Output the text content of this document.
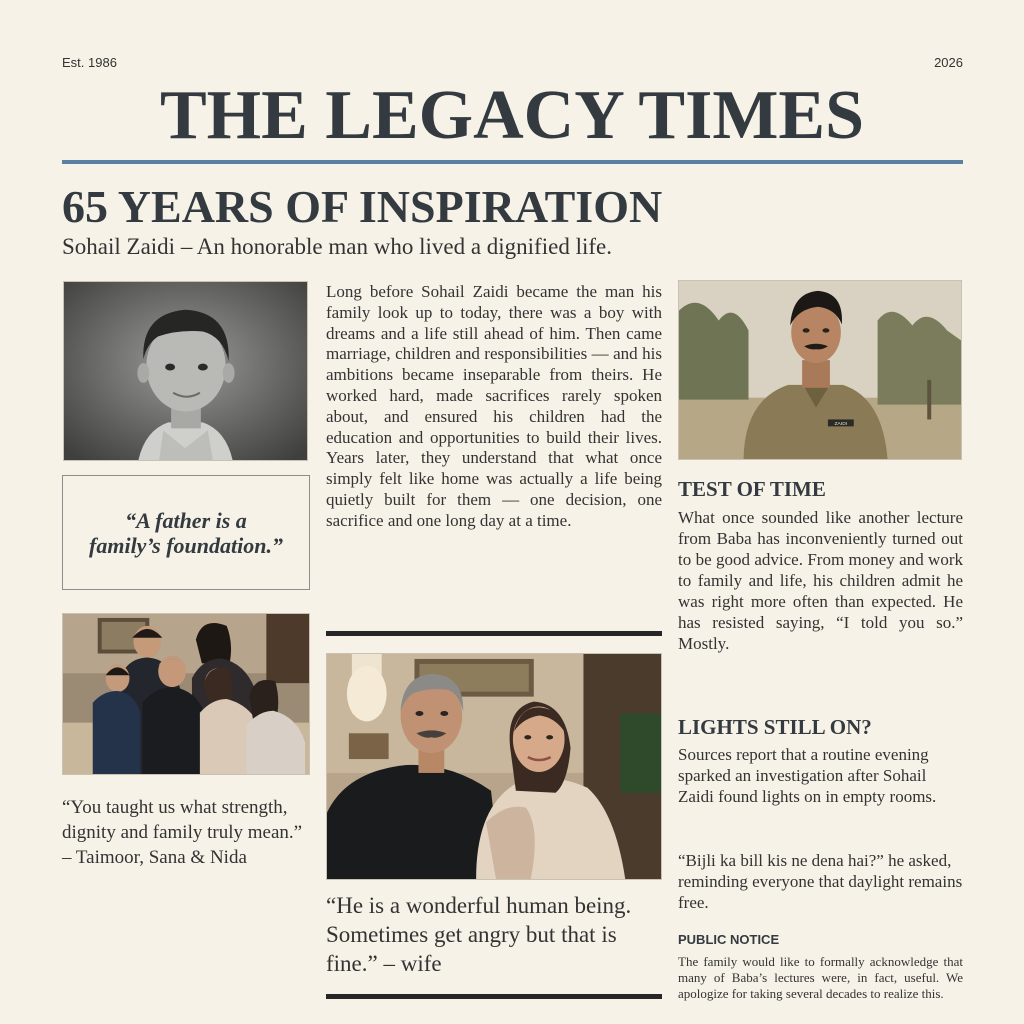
Est. 1986	2026
THE LEGACY TIMES
65 YEARS OF INSPIRATION
Sohail Zaidi – An honorable man who lived a dignified life.
“A father is a family’s foundation.”
“You taught us what strength, dignity and family truly mean.” – Taimoor, Sana & Nida
Long before Sohail Zaidi became the man his family look up to today, there was a boy with dreams and a life still ahead of him. Then came marriage, children and responsibilities — and his ambitions became inseparable from theirs. He worked hard, made sacrifices rarely spoken about, and ensured his children had the education and opportunities to build their lives. Years later, they understand that what once simply felt like home was actually a life being quietly built for them — one decision, one sacrifice and one long day at a time.
“He is a wonderful human being. Sometimes get angry but that is fine.” – wife
ZAIDI
TEST OF TIME
What once sounded like another lecture from Baba has inconveniently turned out to be good advice. From money and work to family and life, his children admit he was right more often than expected. He has resisted saying, “I told you so.” Mostly.
LIGHTS STILL ON?
Sources report that a routine evening sparked an investigation after Sohail Zaidi found lights on in empty rooms.
“Bijli ka bill kis ne dena hai?” he asked, reminding everyone that daylight remains free.
PUBLIC NOTICE
The family would like to formally acknowledge that many of Baba’s lectures were, in fact, useful. We apologize for taking several decades to realize this.
